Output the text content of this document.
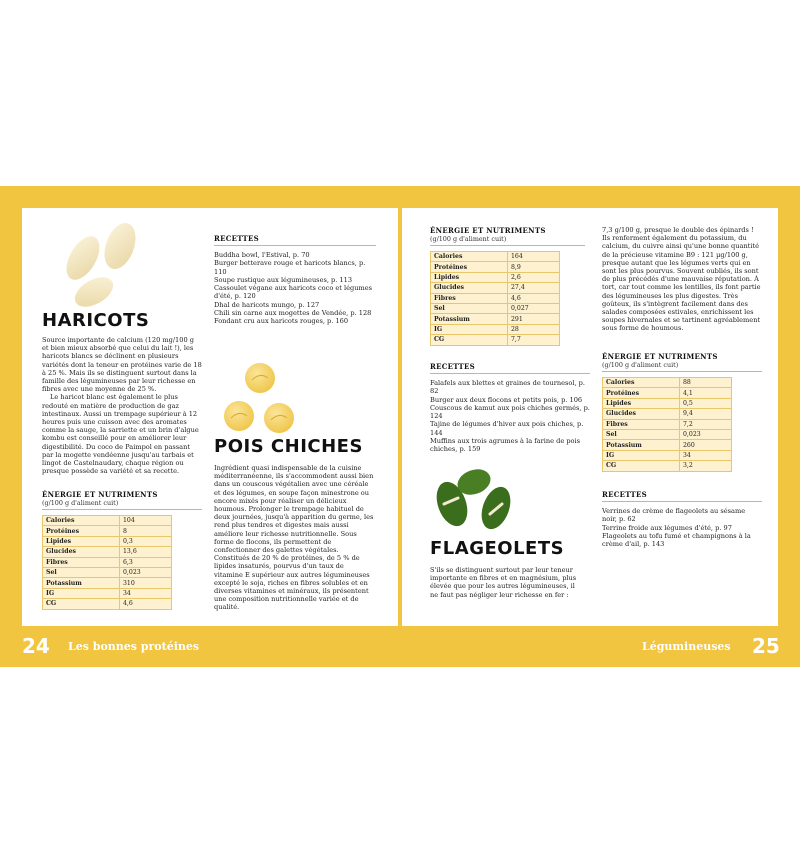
HARICOTS

Source importante de calcium (120 mg/100 g et bien mieux absorbé que celui du lait !), les haricots blancs se déclinent en plusieurs variétés dont la teneur en protéines varie de 18 à 25 %. Mais ils se distinguent surtout dans la famille des légumineuses par leur richesse en fibres avec une moyenne de 25 %.

Le haricot blanc est également le plus redouté en matière de production de gaz intestinaux. Aussi un trempage supérieur à 12 heures puis une cuisson avec des aromates comme la sauge, la sarriette et un brin d'algue kombu est conseillé pour en améliorer leur digestibilité. Du coco de Paimpol en passant par la mogette vendéenne jusqu'au tarbais et lingot de Castelnaudary, chaque région ou presque possède sa variété et sa recette.

ÉNERGIE ET NUTRIMENTS
(g/100 g d'aliment cuit)
Calories	104
Protéines	8
Lipides	0,3
Glucides	13,6
Fibres	6,3
Sel	0,023
Potassium	310
IG	34
CG	4,6
RECETTES
Buddha bowl, l'Estival, p. 70
Burger betterave rouge et haricots blancs, p. 110
Soupe rustique aux légumineuses, p. 113
Cassoulet végane aux haricots coco et légumes d'été, p. 120
Dhal de haricots mungo, p. 127
Chili sin carne aux mogettes de Vendée, p. 128
Fondant cru aux haricots rouges, p. 160
POIS CHICHES

Ingrédient quasi indispensable de la cuisine méditerranéenne, ils s'accommodent aussi bien dans un couscous végétalien avec une céréale et des légumes, en soupe façon minestrone ou encore mixés pour réaliser un délicieux houmous. Prolonger le trempage habituel de deux journées, jusqu'à apparition du germe, les rend plus tendres et digestes mais aussi améliore leur richesse nutritionnelle. Sous forme de flocons, ils permettent de confectionner des galettes végétales. Constitués de 20 % de protéines, de 5 % de lipides insaturés, pourvus d'un taux de vitamine E supérieur aux autres légumineuses excepté le soja, riches en fibres solubles et en diverses vitamines et minéraux, ils présentent une composition nutritionnelle variée et de qualité.

ÉNERGIE ET NUTRIMENTS
(g/100 g d'aliment cuit)
Calories	164
Protéines	8,9
Lipides	2,6
Glucides	27,4
Fibres	4,6
Sel	0,027
Potassium	291
IG	28
CG	7,7
RECETTES
Falafels aux blettes et graines de tournesol, p. 82
Burger aux deux flocons et petits pois, p. 106
Couscous de kamut aux pois chiches germés, p. 124
Tajine de légumes d'hiver aux pois chiches, p. 144
Muffins aux trois agrumes à la farine de pois chiches, p. 159
FLAGEOLETS

S'ils se distinguent surtout par leur teneur importante en fibres et en magnésium, plus élevée que pour les autres légumineuses, il ne faut pas négliger leur richesse en fer :

7,3 g/100 g, presque le double des épinards ! Ils renferment également du potassium, du calcium, du cuivre ainsi qu'une bonne quantité de la précieuse vitamine B9 : 121 µg/100 g, presque autant que les légumes verts qui en sont les plus pourvus. Souvent oubliés, ils sont de plus précédés d'une mauvaise réputation. À tort, car tout comme les lentilles, ils font partie des légumineuses les plus digestes. Très goûteux, ils s'intègrent facilement dans des salades composées estivales, enrichissent les soupes hivernales et se tartinent agréablement sous forme de houmous.

ÉNERGIE ET NUTRIMENTS
(g/100 g d'aliment cuit)
Calories	88
Protéines	4,1
Lipides	0,5
Glucides	9,4
Fibres	7,2
Sel	0,023
Potassium	260
IG	34
CG	3,2
RECETTES
Verrines de crème de flageolets au sésame noir, p. 62
Terrine froide aux légumes d'été, p. 97
Flageolets au tofu fumé et champignons à la crème d'ail, p. 143
24 Les bonnes protéines	Légumineuses 25
